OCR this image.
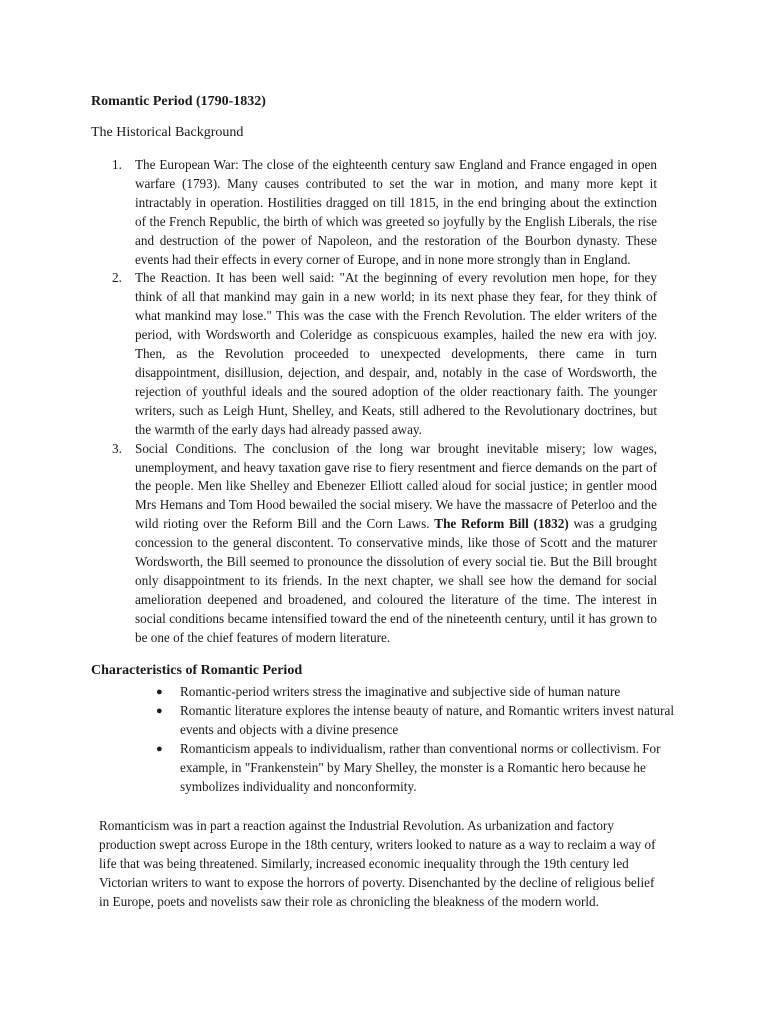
Romantic Period (1790-1832)

The Historical Background

1. The European War: The close of the eighteenth century saw England and France engaged in open warfare (1793). Many causes contributed to set the war in motion, and many more kept it intractably in operation. Hostilities dragged on till 1815, in the end bringing about the extinction of the French Republic, the birth of which was greeted so joyfully by the English Liberals, the rise and destruction of the power of Napoleon, and the restoration of the Bourbon dynasty. These events had their effects in every corner of Europe, and in none more strongly than in England.
2. The Reaction. It has been well said: "At the beginning of every revolution men hope, for they think of all that mankind may gain in a new world; in its next phase they fear, for they think of what mankind may lose." This was the case with the French Revolution. The elder writers of the period, with Wordsworth and Coleridge as conspicuous examples, hailed the new era with joy. Then, as the Revolution proceeded to unexpected developments, there came in turn disappointment, disillusion, dejection, and despair, and, notably in the case of Wordsworth, the rejection of youthful ideals and the soured adoption of the older reactionary faith. The younger writers, such as Leigh Hunt, Shelley, and Keats, still adhered to the Revolutionary doctrines, but the warmth of the early days had already passed away.
3. Social Conditions. The conclusion of the long war brought inevitable misery; low wages, unemployment, and heavy taxation gave rise to fiery resentment and fierce demands on the part of the people. Men like Shelley and Ebenezer Elliott called aloud for social justice; in gentler mood Mrs Hemans and Tom Hood bewailed the social misery. We have the massacre of Peterloo and the wild rioting over the Reform Bill and the Corn Laws. The Reform Bill (1832) was a grudging concession to the general discontent. To conservative minds, like those of Scott and the maturer Wordsworth, the Bill seemed to pronounce the dissolution of every social tie. But the Bill brought only disappointment to its friends. In the next chapter, we shall see how the demand for social amelioration deepened and broadened, and coloured the literature of the time. The interest in social conditions became intensified toward the end of the nineteenth century, until it has grown to be one of the chief features of modern literature.

Characteristics of Romantic Period

● Romantic-period writers stress the imaginative and subjective side of human nature
● Romantic literature explores the intense beauty of nature, and Romantic writers invest natural events and objects with a divine presence
● Romanticism appeals to individualism, rather than conventional norms or collectivism. For example, in "Frankenstein" by Mary Shelley, the monster is a Romantic hero because he symbolizes individuality and nonconformity.

Romanticism was in part a reaction against the Industrial Revolution. As urbanization and factory production swept across Europe in the 18th century, writers looked to nature as a way to reclaim a way of life that was being threatened. Similarly, increased economic inequality through the 19th century led Victorian writers to want to expose the horrors of poverty. Disenchanted by the decline of religious belief in Europe, poets and novelists saw their role as chronicling the bleakness of the modern world.
